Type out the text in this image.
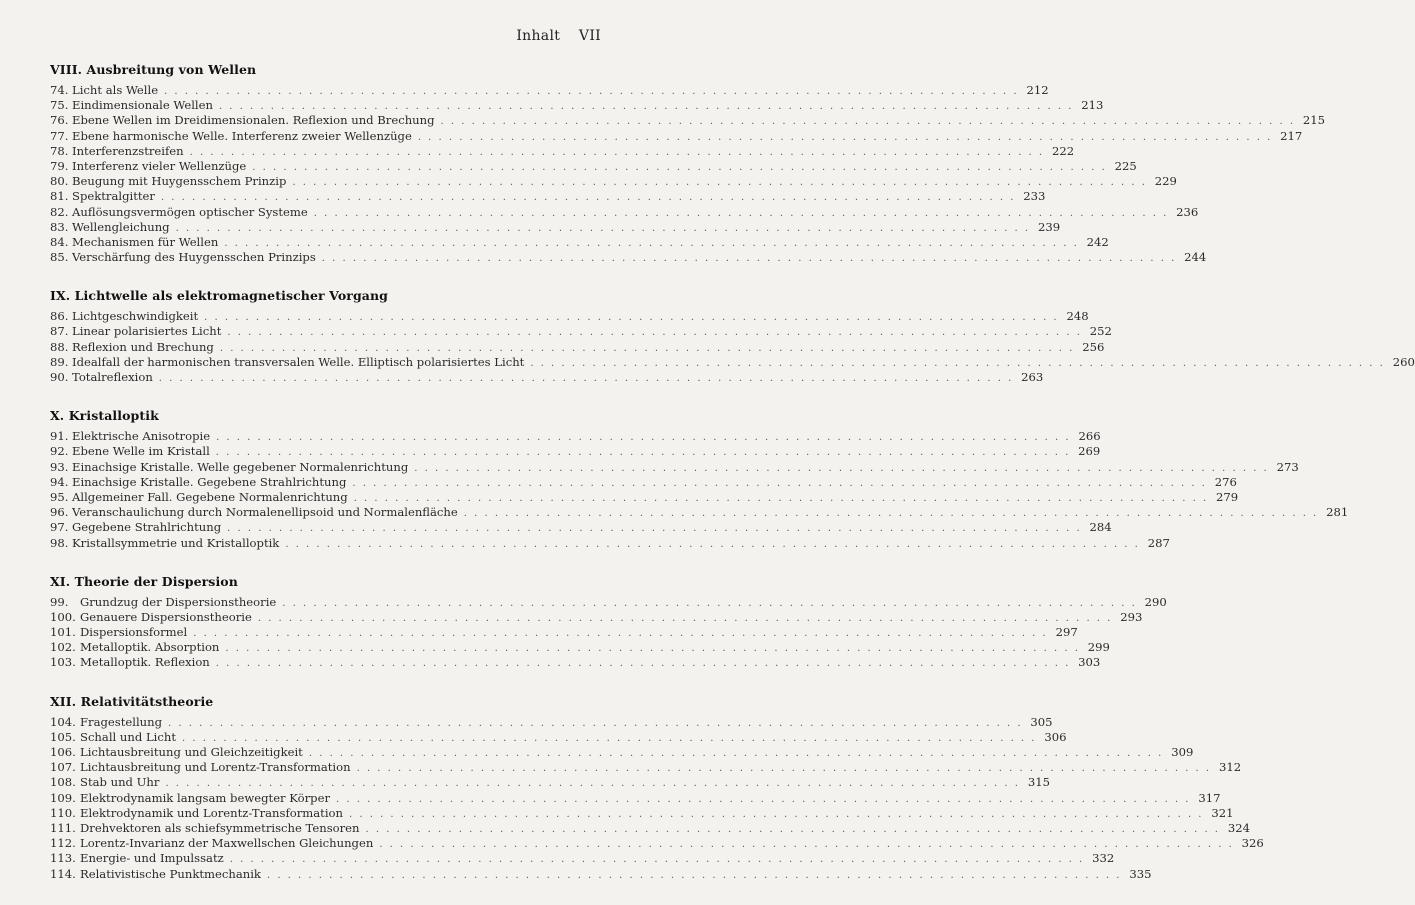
Inhalt VII
VIII. Ausbreitung von Wellen
74. Licht als Welle . . .	212
75. Eindimensionale Wellen . . .	213
76. Ebene Wellen im Dreidimensionalen. Reflexion und Brechung . . .	215
77. Ebene harmonische Welle. Interferenz zweier Wellenzüge . . .	217
78. Interferenzstreifen . . .	222
79. Interferenz vieler Wellenzüge . . .	225
80. Beugung mit Huygensschem Prinzip . . .	229
81. Spektralgitter . . .	233
82. Auflösungsvermögen optischer Systeme . . .	236
83. Wellengleichung . . .	239
84. Mechanismen für Wellen . . .	242
85. Verschärfung des Huygensschen Prinzips . . .	244
IX. Lichtwelle als elektromagnetischer Vorgang
86. Lichtgeschwindigkeit . . .	248
87. Linear polarisiertes Licht . . .	252
88. Reflexion und Brechung . . .	256
89. Idealfall der harmonischen transversalen Welle. Elliptisch polarisiertes Licht . . .	260
90. Totalreflexion . . .	263
X. Kristalloptik
91. Elektrische Anisotropie . . .	266
92. Ebene Welle im Kristall . . .	269
93. Einachsige Kristalle. Welle gegebener Normalenrichtung . . .	273
94. Einachsige Kristalle. Gegebene Strahlrichtung . . .	276
95. Allgemeiner Fall. Gegebene Normalenrichtung . . .	279
96. Veranschaulichung durch Normalenellipsoid und Normalenfläche . . .	281
97. Gegebene Strahlrichtung . . .	284
98. Kristallsymmetrie und Kristalloptik . . .	287
XI. Theorie der Dispersion
99. Grundzug der Dispersionstheorie . . .	290
100. Genauere Dispersionstheorie . . .	293
101. Dispersionsformel . . .	297
102. Metalloptik. Absorption . . .	299
103. Metalloptik. Reflexion . . .	303
XII. Relativitätstheorie
104. Fragestellung . . .	305
105. Schall und Licht . . .	306
106. Lichtausbreitung und Gleichzeitigkeit . . .	309
107. Lichtausbreitung und Lorentz-Transformation . . .	312
108. Stab und Uhr . . .	315
109. Elektrodynamik langsam bewegter Körper . . .	317
110. Elektrodynamik und Lorentz-Transformation . . .	321
111. Drehvektoren als schiefsymmetrische Tensoren . . .	324
112. Lorentz-Invarianz der Maxwellschen Gleichungen . . .	326
113. Energie- und Impulssatz . . .	332
114. Relativistische Punktmechanik . . .	335
